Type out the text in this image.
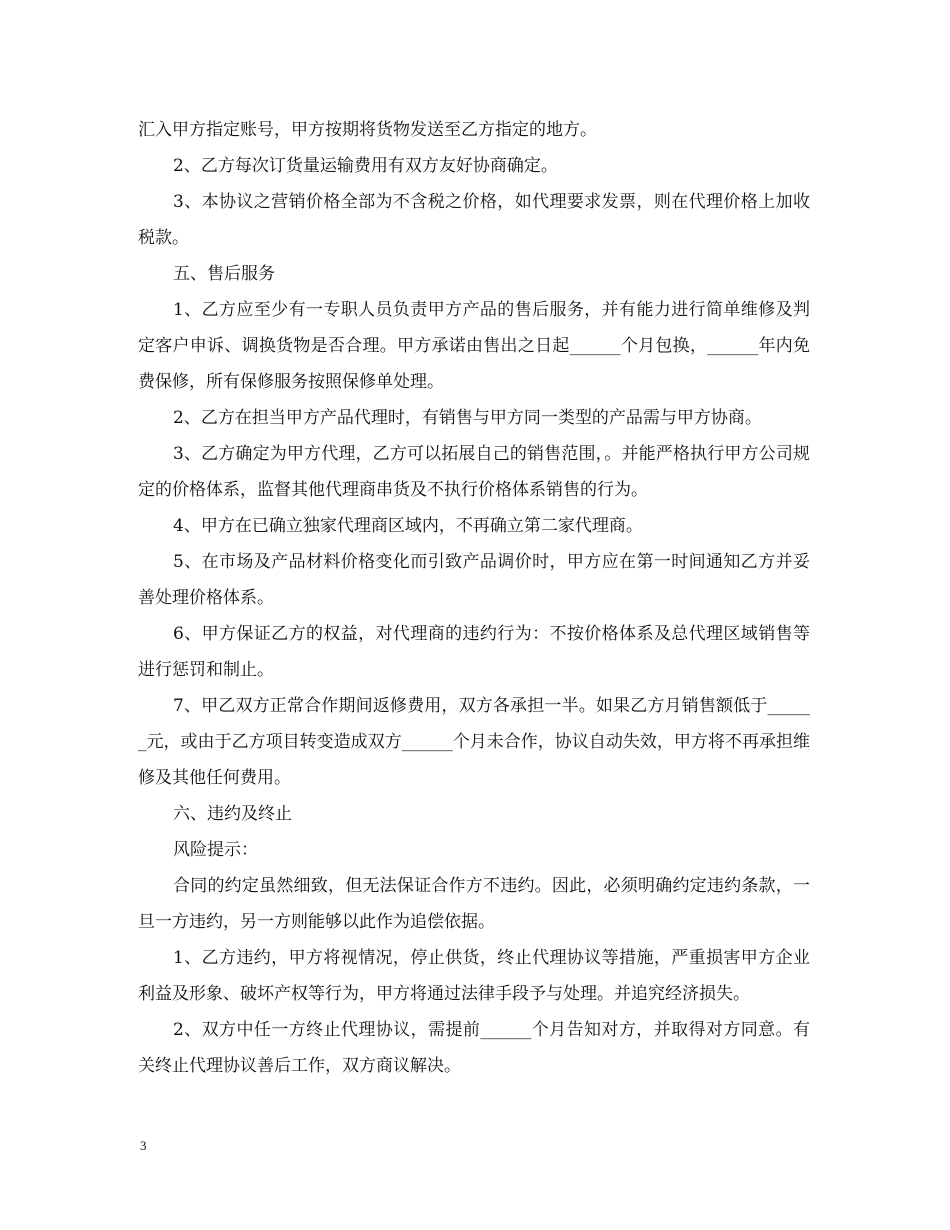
汇入甲方指定账号，甲方按期将货物发送至乙方指定的地方。

2、乙方每次订货量运输费用有双方友好协商确定。

3、本协议之营销价格全部为不含税之价格，如代理要求发票，则在代理价格上加收税款。

五、售后服务

1、乙方应至少有一专职人员负责甲方产品的售后服务，并有能力进行简单维修及判定客户申诉、调换货物是否合理。甲方承诺由售出之日起______个月包换，______年内免费保修，所有保修服务按照保修单处理。

2、乙方在担当甲方产品代理时，有销售与甲方同一类型的产品需与甲方协商。

3、乙方确定为甲方代理，乙方可以拓展自己的销售范围，。并能严格执行甲方公司规定的价格体系，监督其他代理商串货及不执行价格体系销售的行为。

4、甲方在已确立独家代理商区域内，不再确立第二家代理商。

5、在市场及产品材料价格变化而引致产品调价时，甲方应在第一时间通知乙方并妥善处理价格体系。

6、甲方保证乙方的权益，对代理商的违约行为：不按价格体系及总代理区域销售等进行惩罚和制止。

7、甲乙双方正常合作期间返修费用，双方各承担一半。如果乙方月销售额低于______元，或由于乙方项目转变造成双方______个月未合作，协议自动失效，甲方将不再承担维修及其他任何费用。

六、违约及终止

风险提示：

合同的约定虽然细致，但无法保证合作方不违约。因此，必须明确约定违约条款，一旦一方违约，另一方则能够以此作为追偿依据。

1、乙方违约，甲方将视情况，停止供货，终止代理协议等措施，严重损害甲方企业利益及形象、破坏产权等行为，甲方将通过法律手段予与处理。并追究经济损失。

2、双方中任一方终止代理协议，需提前______个月告知对方，并取得对方同意。有关终止代理协议善后工作，双方商议解决。

3
